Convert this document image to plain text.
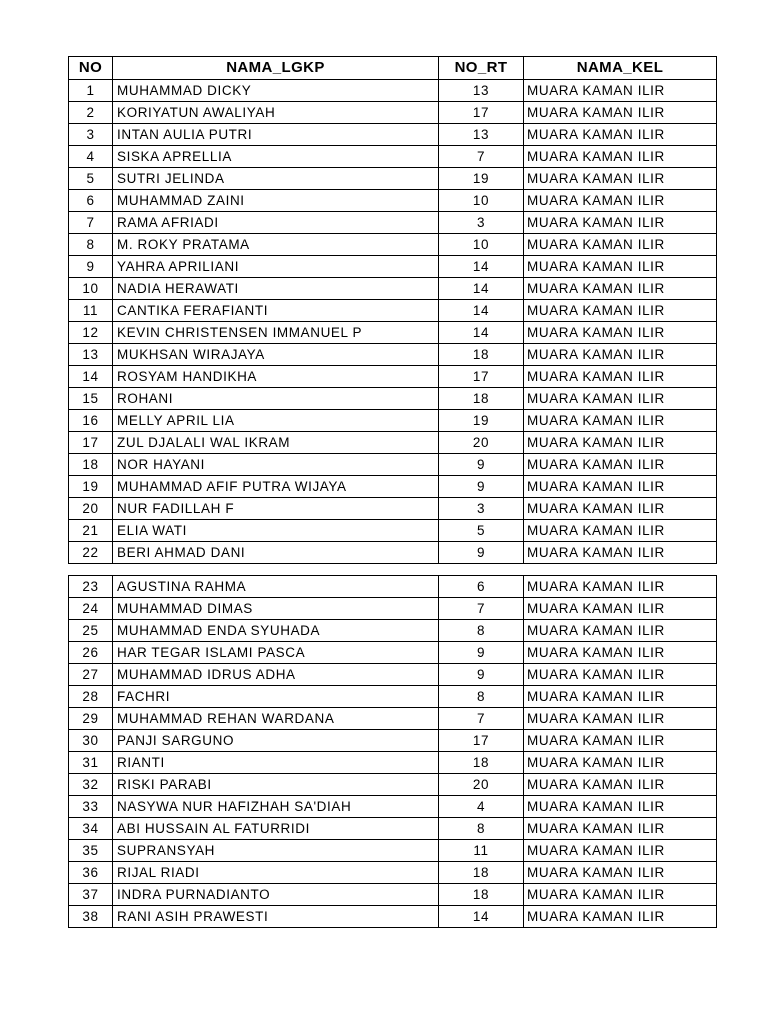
NO	NAMA_LGKP	NO_RT	NAMA_KEL
1	MUHAMMAD DICKY	13	MUARA KAMAN ILIR
2	KORIYATUN AWALIYAH	17	MUARA KAMAN ILIR
3	INTAN AULIA PUTRI	13	MUARA KAMAN ILIR
4	SISKA APRELLIA	7	MUARA KAMAN ILIR
5	SUTRI JELINDA	19	MUARA KAMAN ILIR
6	MUHAMMAD ZAINI	10	MUARA KAMAN ILIR
7	RAMA AFRIADI	3	MUARA KAMAN ILIR
8	M. ROKY PRATAMA	10	MUARA KAMAN ILIR
9	YAHRA APRILIANI	14	MUARA KAMAN ILIR
10	NADIA HERAWATI	14	MUARA KAMAN ILIR
11	CANTIKA FERAFIANTI	14	MUARA KAMAN ILIR
12	KEVIN CHRISTENSEN IMMANUEL P	14	MUARA KAMAN ILIR
13	MUKHSAN WIRAJAYA	18	MUARA KAMAN ILIR
14	ROSYAM HANDIKHA	17	MUARA KAMAN ILIR
15	ROHANI	18	MUARA KAMAN ILIR
16	MELLY APRIL LIA	19	MUARA KAMAN ILIR
17	ZUL DJALALI WAL IKRAM	20	MUARA KAMAN ILIR
18	NOR HAYANI	9	MUARA KAMAN ILIR
19	MUHAMMAD AFIF PUTRA WIJAYA	9	MUARA KAMAN ILIR
20	NUR FADILLAH F	3	MUARA KAMAN ILIR
21	ELIA WATI	5	MUARA KAMAN ILIR
22	BERI AHMAD DANI	9	MUARA KAMAN ILIR
23	AGUSTINA RAHMA	6	MUARA KAMAN ILIR
24	MUHAMMAD DIMAS	7	MUARA KAMAN ILIR
25	MUHAMMAD ENDA SYUHADA	8	MUARA KAMAN ILIR
26	HAR TEGAR ISLAMI PASCA	9	MUARA KAMAN ILIR
27	MUHAMMAD IDRUS ADHA	9	MUARA KAMAN ILIR
28	FACHRI	8	MUARA KAMAN ILIR
29	MUHAMMAD REHAN WARDANA	7	MUARA KAMAN ILIR
30	PANJI SARGUNO	17	MUARA KAMAN ILIR
31	RIANTI	18	MUARA KAMAN ILIR
32	RISKI PARABI	20	MUARA KAMAN ILIR
33	NASYWA NUR HAFIZHAH SA'DIAH	4	MUARA KAMAN ILIR
34	ABI HUSSAIN AL FATURRIDI	8	MUARA KAMAN ILIR
35	SUPRANSYAH	11	MUARA KAMAN ILIR
36	RIJAL RIADI	18	MUARA KAMAN ILIR
37	INDRA PURNADIANTO	18	MUARA KAMAN ILIR
38	RANI ASIH PRAWESTI	14	MUARA KAMAN ILIR
